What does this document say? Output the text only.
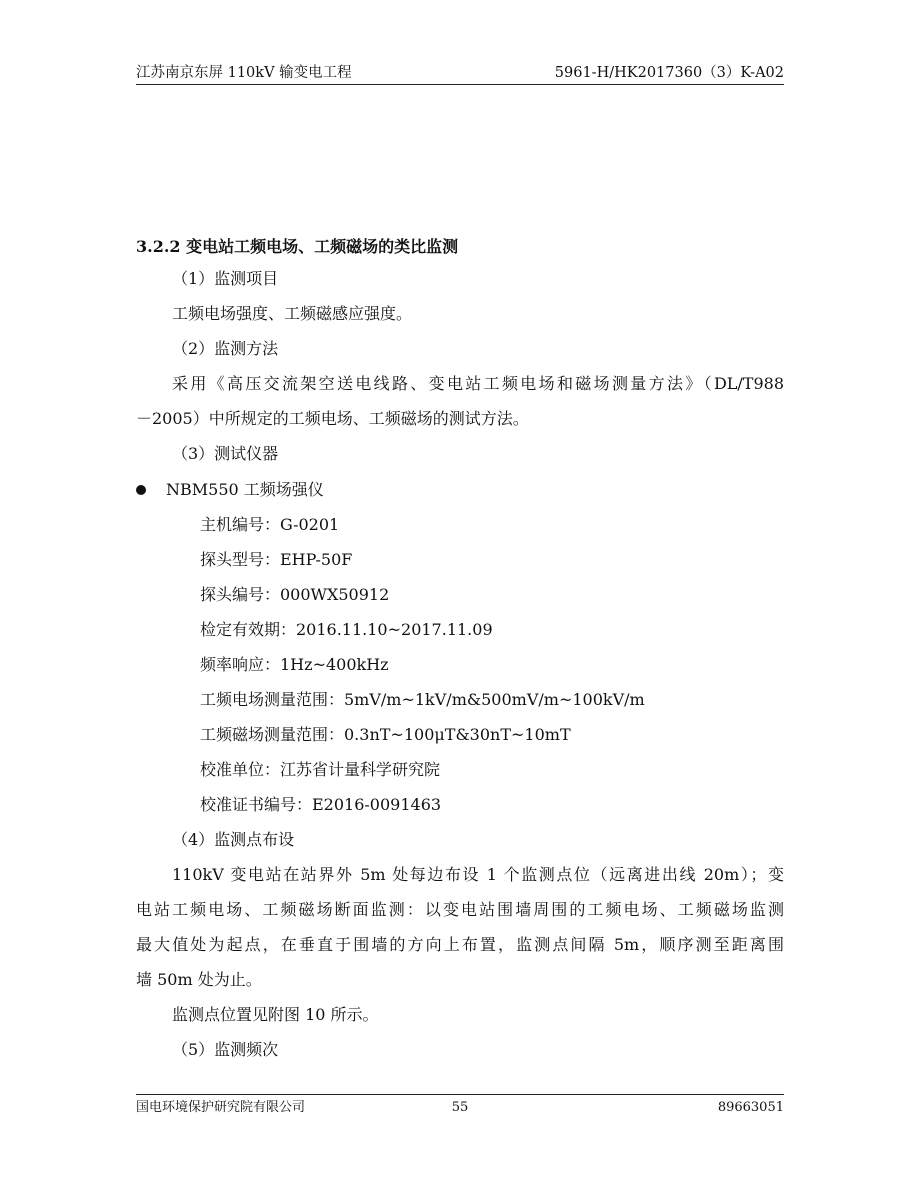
江苏南京东屏 110kV 输变电工程	5961-H/HK2017360（3）K-A02
3.2.2 变电站工频电场、工频磁场的类比监测
（1）监测项目
工频电场强度、工频磁感应强度。
（2）监测方法
采用《高压交流架空送电线路、变电站工频电场和磁场测量方法》（DL/T988
－2005）中所规定的工频电场、工频磁场的测试方法。
（3）测试仪器
NBM550 工频场强仪
主机编号：G-0201
探头型号：EHP-50F
探头编号：000WX50912
检定有效期：2016.11.10~2017.11.09
频率响应：1Hz~400kHz
工频电场测量范围：5mV/m~1kV/m&500mV/m~100kV/m
工频磁场测量范围：0.3nT~100μT&30nT~10mT
校准单位：江苏省计量科学研究院
校准证书编号：E2016-0091463
（4）监测点布设
110kV 变电站在站界外 5m 处每边布设 1 个监测点位（远离进出线 20m）；变
电站工频电场、工频磁场断面监测：以变电站围墙周围的工频电场、工频磁场监测
最大值处为起点，在垂直于围墙的方向上布置，监测点间隔 5m，顺序测至距离围
墙 50m 处为止。
监测点位置见附图 10 所示。
（5）监测频次
国电环境保护研究院有限公司	55	89663051
